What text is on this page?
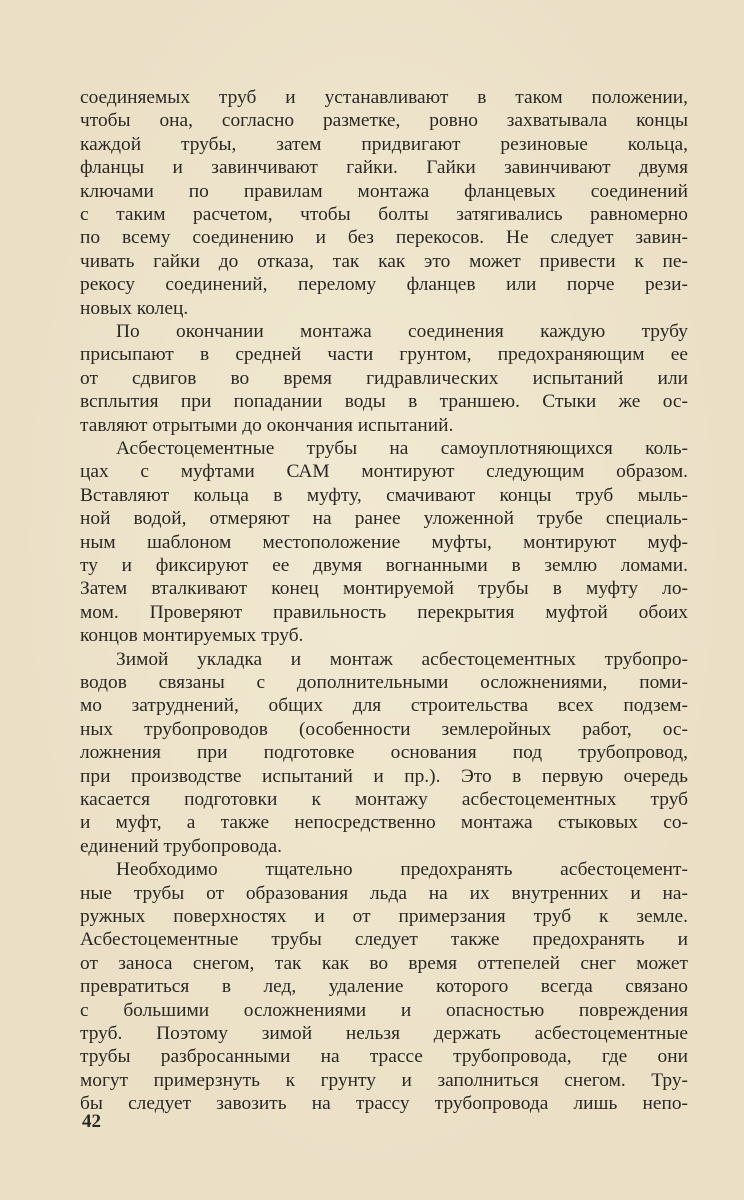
соединяемых труб и устанавливают в таком положении,
чтобы она, согласно разметке, ровно захватывала концы
каждой трубы, затем придвигают резиновые кольца,
фланцы и завинчивают гайки. Гайки завинчивают двумя
ключами по правилам монтажа фланцевых соединений
с таким расчетом, чтобы болты затягивались равномерно
по всему соединению и без перекосов. Не следует завин-
чивать гайки до отказа, так как это может привести к пе-
рекосу соединений, перелому фланцев или порче рези-
новых колец.
По окончании монтажа соединения каждую трубу
присыпают в средней части грунтом, предохраняющим ее
от сдвигов во время гидравлических испытаний или
всплытия при попадании воды в траншею. Стыки же ос-
тавляют отрытыми до окончания испытаний.
Асбестоцементные трубы на самоуплотняющихся коль-
цах с муфтами САМ монтируют следующим образом.
Вставляют кольца в муфту, смачивают концы труб мыль-
ной водой, отмеряют на ранее уложенной трубе специаль-
ным шаблоном местоположение муфты, монтируют муф-
ту и фиксируют ее двумя вогнанными в землю ломами.
Затем вталкивают конец монтируемой трубы в муфту ло-
мом. Проверяют правильность перекрытия муфтой обоих
концов монтируемых труб.
Зимой укладка и монтаж асбестоцементных трубопро-
водов связаны с дополнительными осложнениями, поми-
мо затруднений, общих для строительства всех подзем-
ных трубопроводов (особенности землеройных работ, ос-
ложнения при подготовке основания под трубопровод,
при производстве испытаний и пр.). Это в первую очередь
касается подготовки к монтажу асбестоцементных труб
и муфт, а также непосредственно монтажа стыковых со-
единений трубопровода.
Необходимо тщательно предохранять асбестоцемент-
ные трубы от образования льда на их внутренних и на-
ружных поверхностях и от примерзания труб к земле.
Асбестоцементные трубы следует также предохранять и
от заноса снегом, так как во время оттепелей снег может
превратиться в лед, удаление которого всегда связано
с большими осложнениями и опасностью повреждения
труб. Поэтому зимой нельзя держать асбестоцементные
трубы разбросанными на трассе трубопровода, где они
могут примерзнуть к грунту и заполниться снегом. Тру-
бы следует завозить на трассу трубопровода лишь непо-
42
